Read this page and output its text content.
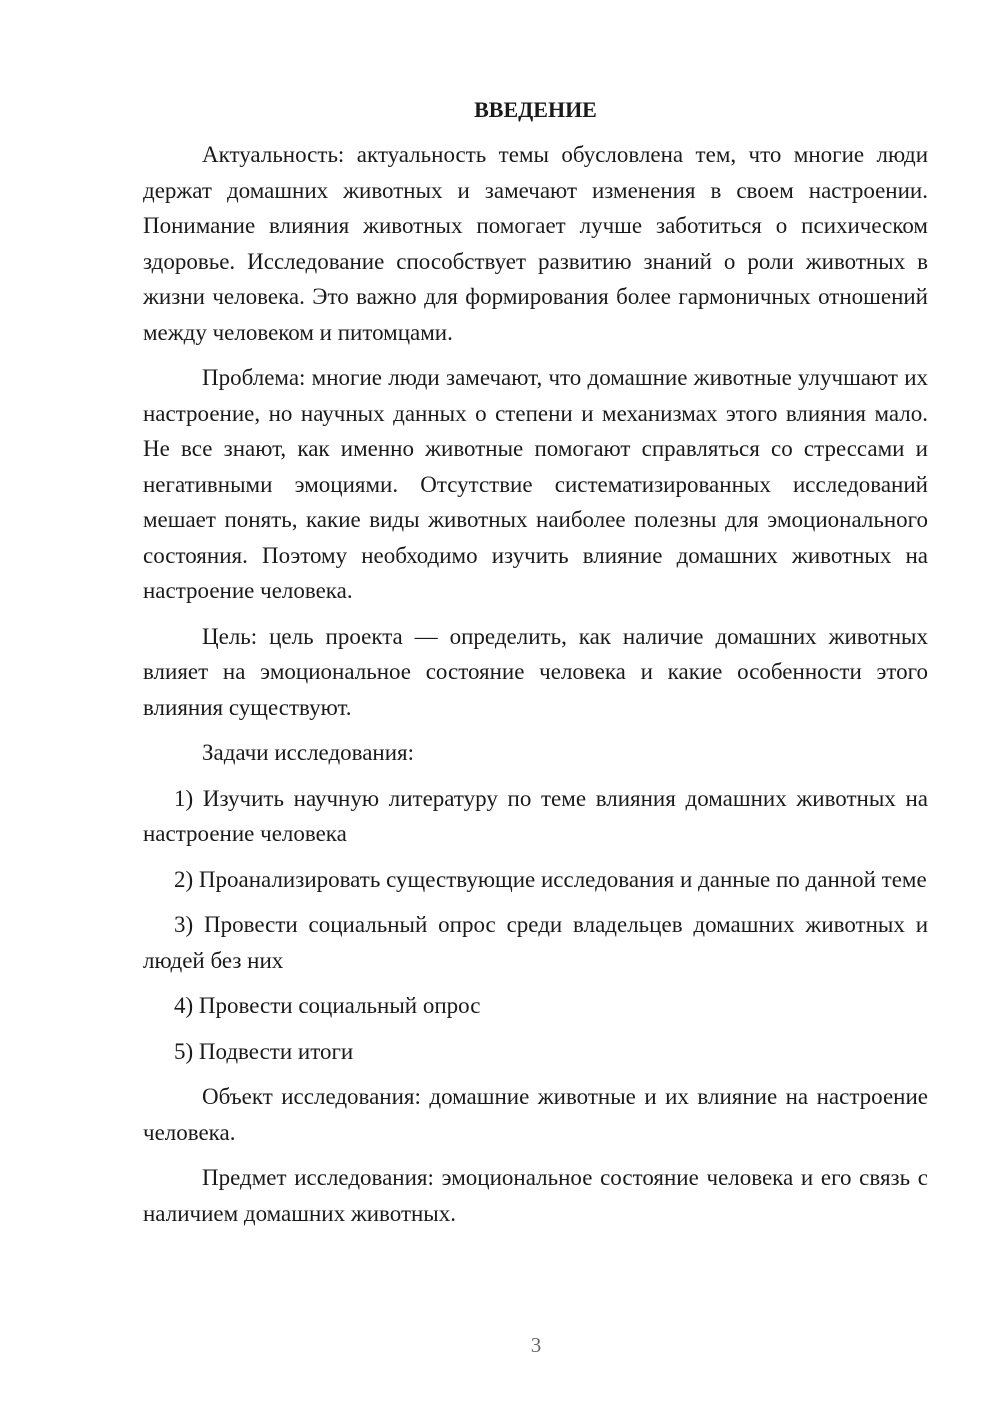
ВВЕДЕНИЕ

Актуальность: актуальность темы обусловлена тем, что многие люди держат домашних животных и замечают изменения в своем настроении. Понимание влияния животных помогает лучше заботиться о психическом здоровье. Исследование способствует развитию знаний о роли животных в жизни человека. Это важно для формирования более гармоничных отношений между человеком и питомцами.

Проблема: многие люди замечают, что домашние животные улучшают их настроение, но научных данных о степени и механизмах этого влияния мало. Не все знают, как именно животные помогают справляться со стрессами и негативными эмоциями. Отсутствие систематизированных исследований мешает понять, какие виды животных наиболее полезны для эмоционального состояния. Поэтому необходимо изучить влияние домашних животных на настроение человека.

Цель: цель проекта — определить, как наличие домашних животных влияет на эмоциональное состояние человека и какие особенности этого влияния существуют.

Задачи исследования:

1) Изучить научную литературу по теме влияния домашних животных на настроение человека

2) Проанализировать существующие исследования и данные по данной теме

3) Провести социальный опрос среди владельцев домашних животных и людей без них

4) Провести социальный опрос

5) Подвести итоги

Объект исследования: домашние животные и их влияние на настроение человека.

Предмет исследования: эмоциональное состояние человека и его связь с наличием домашних животных.

3
